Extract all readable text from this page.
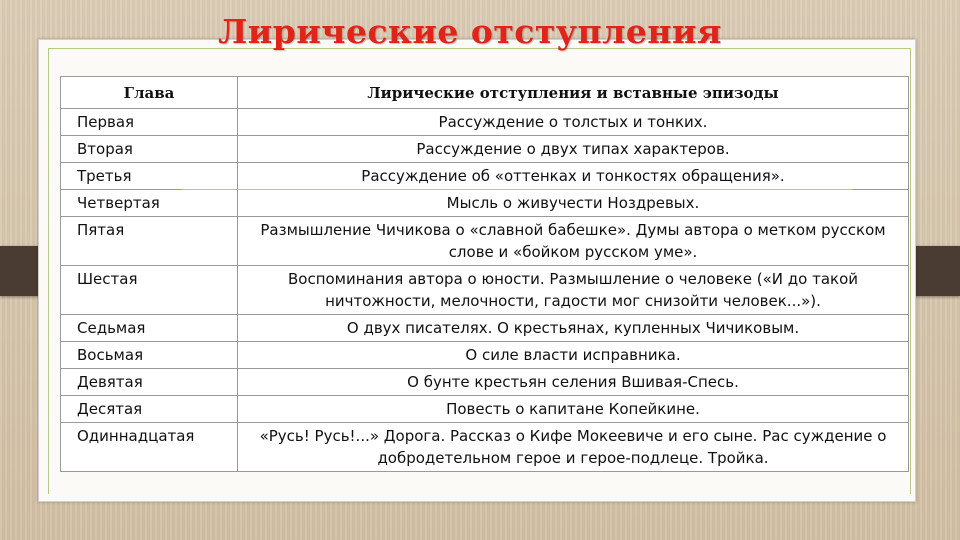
Лирические отступления
Глава	Лирические отступления и вставные эпизоды
Первая	Рассуждение о толстых и тонких.
Вторая	Рассуждение о двух типах характеров.
Третья	Рассуждение об «оттенках и тонкостях обращения».
Четвертая	Мысль о живучести Ноздревых.
Пятая	Размышление Чичикова о «славной бабешке». Думы автора о метком русском слове и «бойком русском уме».
Шестая	Воспоминания автора о юности. Размышление о человеке («И до такой ничтожности, мелочности, гадости мог снизойти человек...»).
Седьмая	О двух писателях. О крестьянах, купленных Чичиковым.
Восьмая	О силе власти исправника.
Девятая	О бунте крестьян селения Вшивая-Спесь.
Десятая	Повесть о капитане Копейкине.
Одиннадцатая	«Русь! Русь!...» Дорога. Рассказ о Кифе Мокеевиче и его сыне. Рас суждение о добродетельном герое и герое-подлеце. Тройка.
